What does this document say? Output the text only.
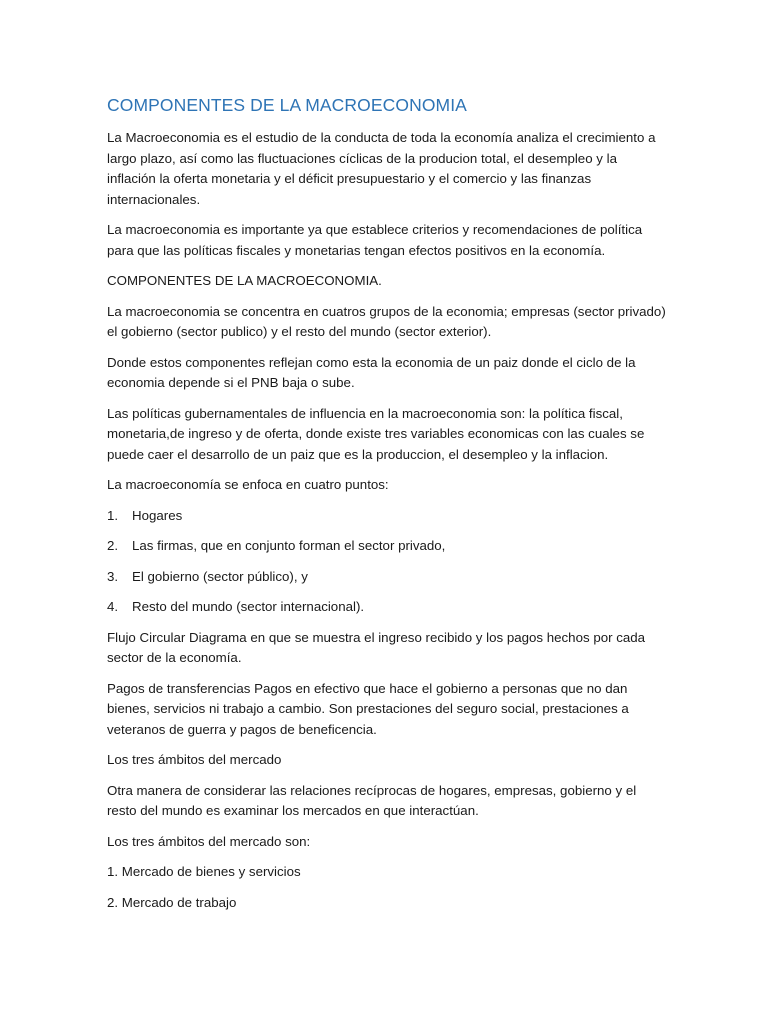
COMPONENTES DE LA MACROECONOMIA

La Macroeconomia es el estudio de la conducta de toda la economía analiza el crecimiento a largo plazo, así como las fluctuaciones cíclicas de la producion total, el desempleo y la inflación la oferta monetaria y el déficit presupuestario y el comercio y las finanzas internacionales.

La macroeconomia es importante ya que establece criterios y recomendaciones de política para que las políticas fiscales y monetarias tengan efectos positivos en la economía.

COMPONENTES DE LA MACROECONOMIA.

La macroeconomia se concentra en cuatros grupos de la economia; empresas (sector privado) el gobierno (sector publico) y el resto del mundo (sector exterior).

Donde estos componentes reflejan como esta la economia de un paiz donde el ciclo de la economia depende si el PNB baja o sube.

Las políticas gubernamentales de influencia en la macroeconomia son: la política fiscal, monetaria,de ingreso y de oferta, donde existe tres variables economicas con las cuales se puede caer el desarrollo de un paiz que es la produccion, el desempleo y la inflacion.

La macroeconomía se enfoca en cuatro puntos:

1.	Hogares
2.	Las firmas, que en conjunto forman el sector privado,
3.	El gobierno (sector público), y
4.	Resto del mundo (sector internacional).

Flujo Circular Diagrama en que se muestra el ingreso recibido y los pagos hechos por cada sector de la economía.

Pagos de transferencias Pagos en efectivo que hace el gobierno a personas que no dan bienes, servicios ni trabajo a cambio. Son prestaciones del seguro social, prestaciones a veteranos de guerra y pagos de beneficencia.

Los tres ámbitos del mercado

Otra manera de considerar las relaciones recíprocas de hogares, empresas, gobierno y el resto del mundo es examinar los mercados en que interactúan.

Los tres ámbitos del mercado son:

1. Mercado de bienes y servicios

2. Mercado de trabajo
